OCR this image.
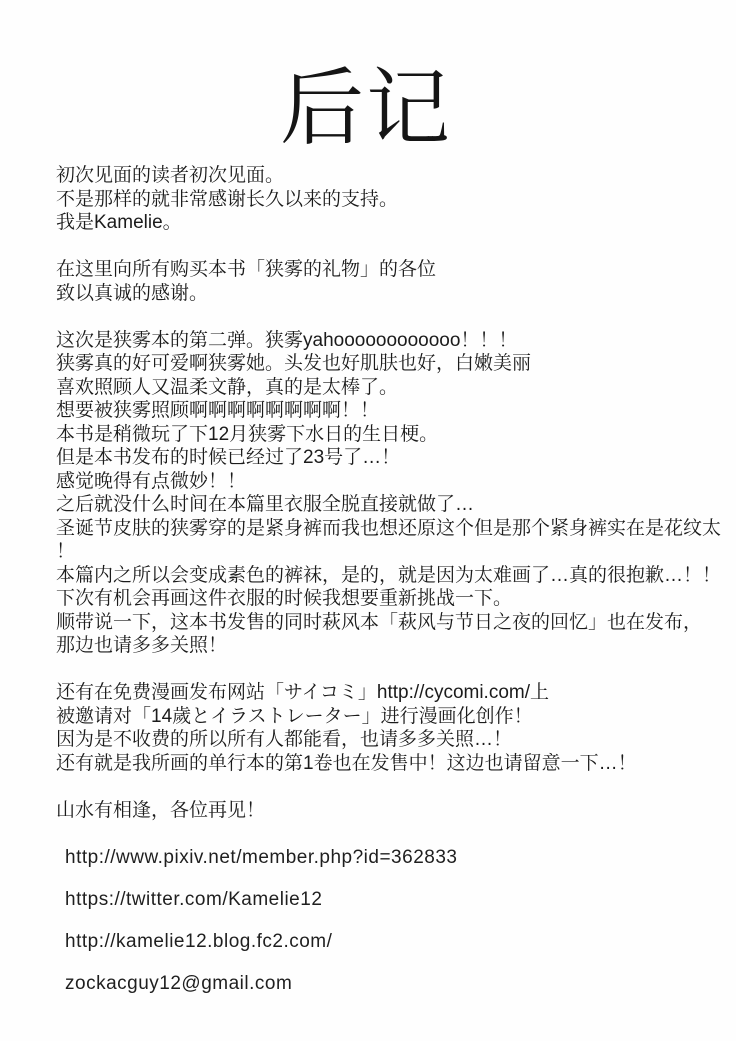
后记
初次见面的读者初次见面。
不是那样的就非常感谢长久以来的支持。
我是Kamelie。
在这里向所有购买本书「狭雾的礼物」的各位
致以真诚的感谢。
这次是狭雾本的第二弹。狭雾yahoooooooooooo！！！
狭雾真的好可爱啊狭雾她。头发也好肌肤也好，白嫩美丽
喜欢照顾人又温柔文静，真的是太棒了。
想要被狭雾照顾啊啊啊啊啊啊啊啊！！
本书是稍微玩了下12月狭雾下水日的生日梗。
但是本书发布的时候已经过了23号了…！
感觉晚得有点微妙！！
之后就没什么时间在本篇里衣服全脱直接就做了…
圣诞节皮肤的狭雾穿的是紧身裤而我也想还原这个但是那个紧身裤实在是花纹太
！
本篇内之所以会变成素色的裤袜，是的，就是因为太难画了…真的很抱歉…！！
下次有机会再画这件衣服的时候我想要重新挑战一下。
顺带说一下，这本书发售的同时萩风本「萩风与节日之夜的回忆」也在发布，
那边也请多多关照！
还有在免费漫画发布网站「サイコミ」http://cycomi.com/上
被邀请对「14歲とイラストレーター」进行漫画化创作！
因为是不收费的所以所有人都能看，也请多多关照…！
还有就是我所画的单行本的第1卷也在发售中！这边也请留意一下…！
山水有相逢，各位再见！
http://www.pixiv.net/member.php?id=362833
https://twitter.com/Kamelie12
http://kamelie12.blog.fc2.com/
zockacguy12@gmail.com
